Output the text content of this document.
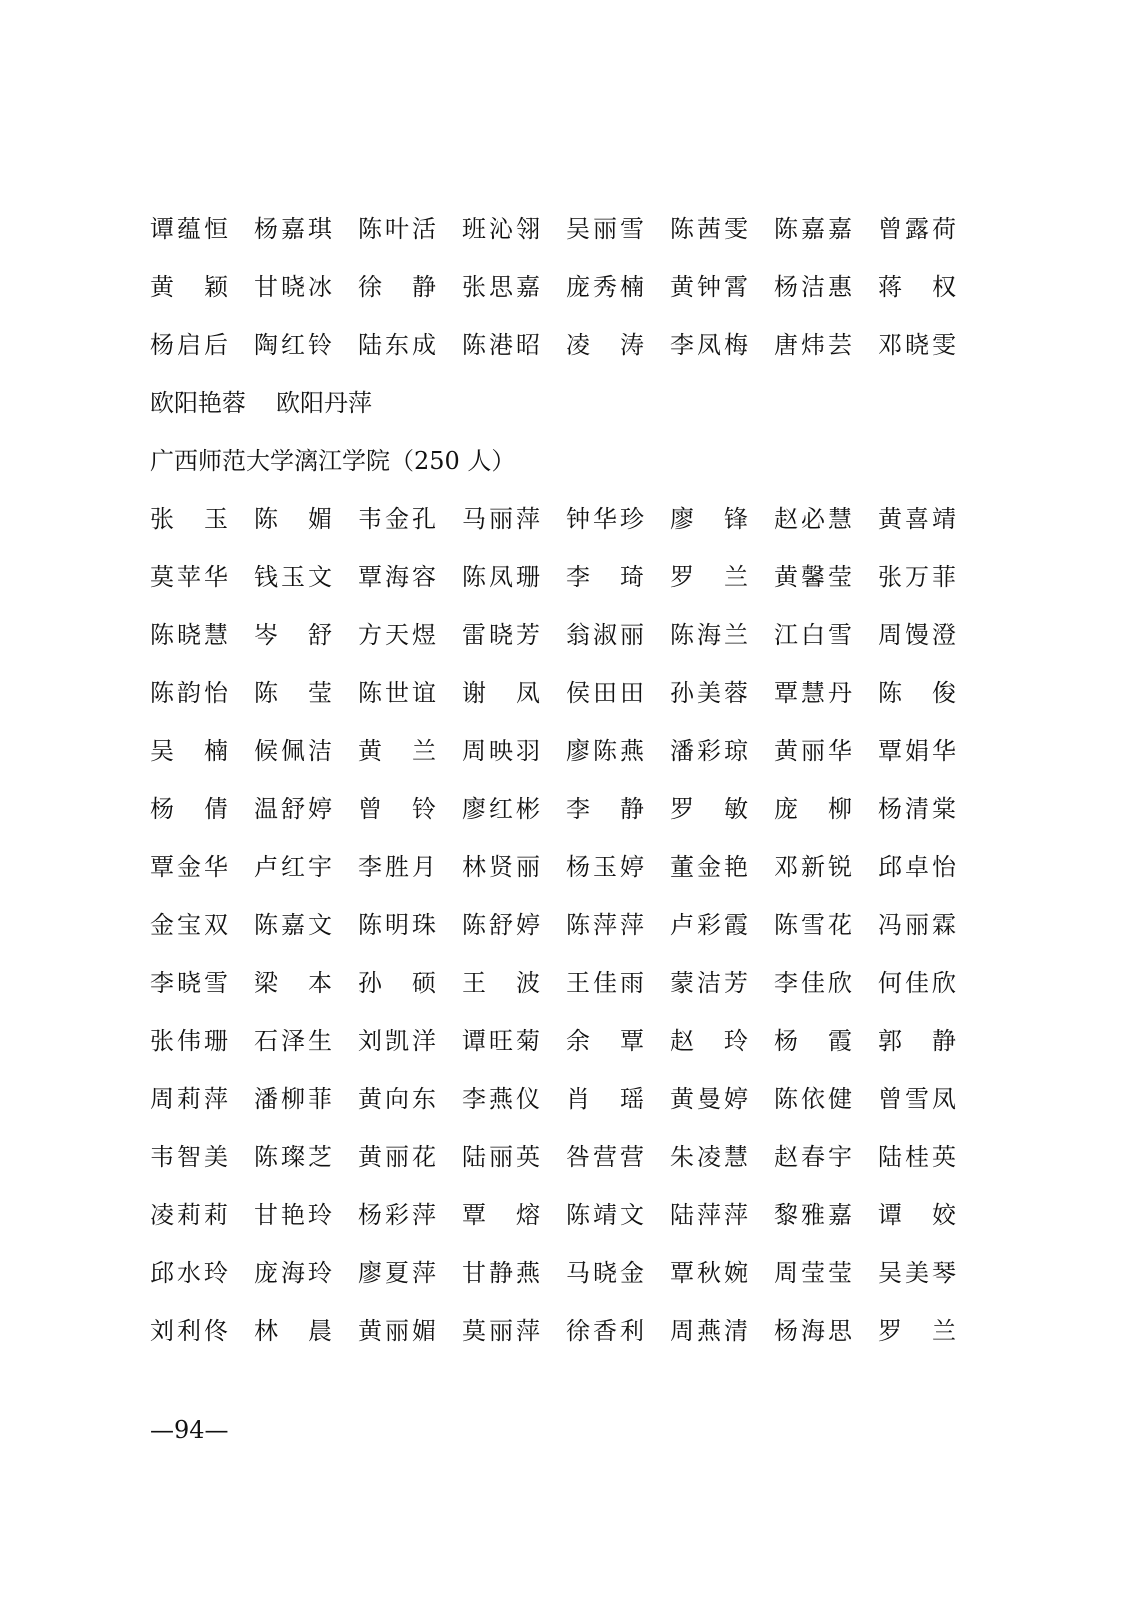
谭 蕴 恒 杨 嘉 琪 陈 叶 活 班 沁 翎 吴 丽 雪 陈 茜 雯 陈 嘉 嘉 曾 露 荷
黄 颖 甘 晓 冰 徐 静 张 思 嘉 庞 秀 楠 黄 钟 霄 杨 洁 惠 蒋 权
杨 启 后 陶 红 铃 陆 东 成 陈 港 昭 凌 涛 李 凤 梅 唐 炜 芸 邓 晓 雯
欧阳艳蓉 欧阳丹萍
广西师范大学漓江学院（250 人）
张 玉 陈 媚 韦 金 孔 马 丽 萍 钟 华 珍 廖 锋 赵 必 慧 黄 喜 靖
莫 苹 华 钱 玉 文 覃 海 容 陈 凤 珊 李 琦 罗 兰 黄 馨 莹 张 万 菲
陈 晓 慧 岑 舒 方 天 煜 雷 晓 芳 翁 淑 丽 陈 海 兰 江 白 雪 周 馒 澄
陈 韵 怡 陈 莹 陈 世 谊 谢 凤 侯 田 田 孙 美 蓉 覃 慧 丹 陈 俊
吴 楠 候 佩 洁 黄 兰 周 映 羽 廖 陈 燕 潘 彩 琼 黄 丽 华 覃 娟 华
杨 倩 温 舒 婷 曾 铃 廖 红 彬 李 静 罗 敏 庞 柳 杨 清 棠
覃 金 华 卢 红 宇 李 胜 月 林 贤 丽 杨 玉 婷 董 金 艳 邓 新 锐 邱 卓 怡
金 宝 双 陈 嘉 文 陈 明 珠 陈 舒 婷 陈 萍 萍 卢 彩 霞 陈 雪 花 冯 丽 霖
李 晓 雪 梁 本 孙 硕 王 波 王 佳 雨 蒙 洁 芳 李 佳 欣 何 佳 欣
张 伟 珊 石 泽 生 刘 凯 洋 谭 旺 菊 余 覃 赵 玲 杨 霞 郭 静
周 莉 萍 潘 柳 菲 黄 向 东 李 燕 仪 肖 瑶 黄 曼 婷 陈 依 健 曾 雪 凤
韦 智 美 陈 璨 芝 黄 丽 花 陆 丽 英 咎 营 营 朱 凌 慧 赵 春 宇 陆 桂 英
凌 莉 莉 甘 艳 玲 杨 彩 萍 覃 熔 陈 靖 文 陆 萍 萍 黎 雅 嘉 谭 姣
邱 水 玲 庞 海 玲 廖 夏 萍 甘 静 燕 马 晓 金 覃 秋 婉 周 莹 莹 吴 美 琴
刘 利 佟 林 晨 黄 丽 媚 莫 丽 萍 徐 香 利 周 燕 清 杨 海 思 罗 兰
—94—
